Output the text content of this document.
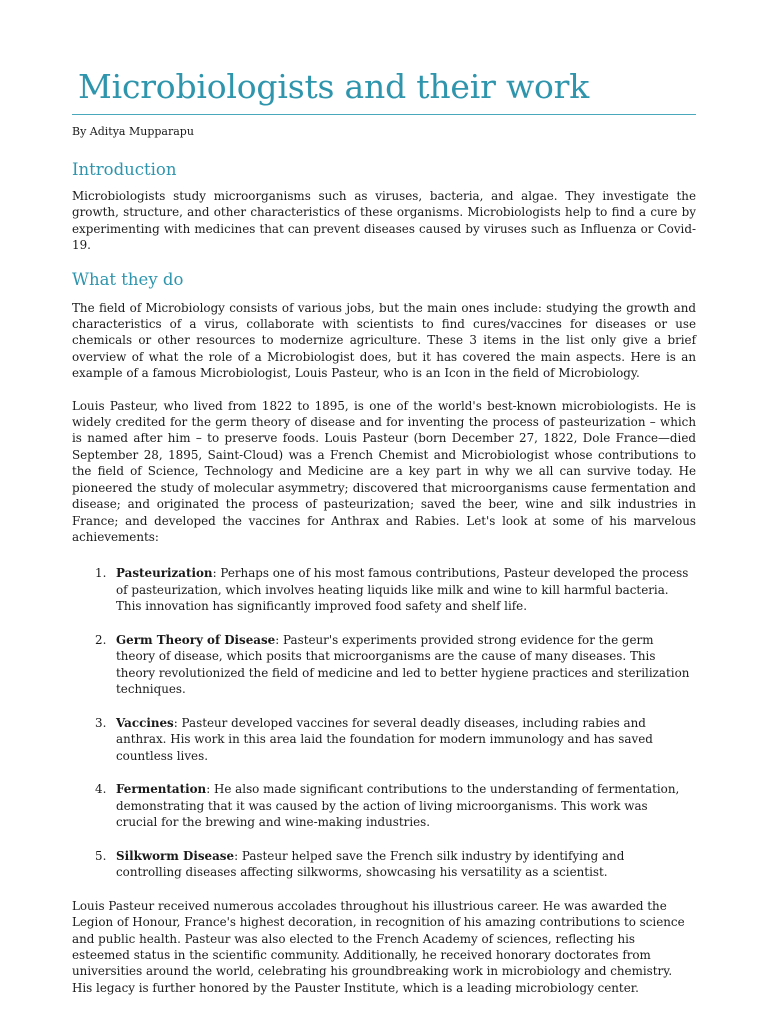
Microbiologists and their work
By Aditya Mupparapu
Introduction

Microbiologists study microorganisms such as viruses, bacteria, and algae. They investigate the growth, structure, and other characteristics of these organisms. Microbiologists help to find a cure by experimenting with medicines that can prevent diseases caused by viruses such as Influenza or Covid-19.

What they do

The field of Microbiology consists of various jobs, but the main ones include: studying the growth and characteristics of a virus, collaborate with scientists to find cures/vaccines for diseases or use chemicals or other resources to modernize agriculture. These 3 items in the list only give a brief overview of what the role of a Microbiologist does, but it has covered the main aspects. Here is an example of a famous Microbiologist, Louis Pasteur, who is an Icon in the field of Microbiology.

Louis Pasteur, who lived from 1822 to 1895, is one of the world's best-known microbiologists. He is widely credited for the germ theory of disease and for inventing the process of pasteurization – which is named after him – to preserve foods. Louis Pasteur (born December 27, 1822, Dole France—died September 28, 1895, Saint-Cloud) was a French Chemist and Microbiologist whose contributions to the field of Science, Technology and Medicine are a key part in why we all can survive today. He pioneered the study of molecular asymmetry; discovered that microorganisms cause fermentation and disease; and originated the process of pasteurization; saved the beer, wine and silk industries in France; and developed the vaccines for Anthrax and Rabies. Let's look at some of his marvelous achievements:

1. Pasteurization: Perhaps one of his most famous contributions, Pasteur developed the process of pasteurization, which involves heating liquids like milk and wine to kill harmful bacteria. This innovation has significantly improved food safety and shelf life.
2. Germ Theory of Disease: Pasteur's experiments provided strong evidence for the germ theory of disease, which posits that microorganisms are the cause of many diseases. This theory revolutionized the field of medicine and led to better hygiene practices and sterilization techniques.
3. Vaccines: Pasteur developed vaccines for several deadly diseases, including rabies and anthrax. His work in this area laid the foundation for modern immunology and has saved countless lives.
4. Fermentation: He also made significant contributions to the understanding of fermentation, demonstrating that it was caused by the action of living microorganisms. This work was crucial for the brewing and wine-making industries.
5. Silkworm Disease: Pasteur helped save the French silk industry by identifying and controlling diseases affecting silkworms, showcasing his versatility as a scientist.

Louis Pasteur received numerous accolades throughout his illustrious career. He was awarded the Legion of Honour, France's highest decoration, in recognition of his amazing contributions to science and public health. Pasteur was also elected to the French Academy of sciences, reflecting his esteemed status in the scientific community. Additionally, he received honorary doctorates from universities around the world, celebrating his groundbreaking work in microbiology and chemistry. His legacy is further honored by the Pauster Institute, which is a leading microbiology center.
